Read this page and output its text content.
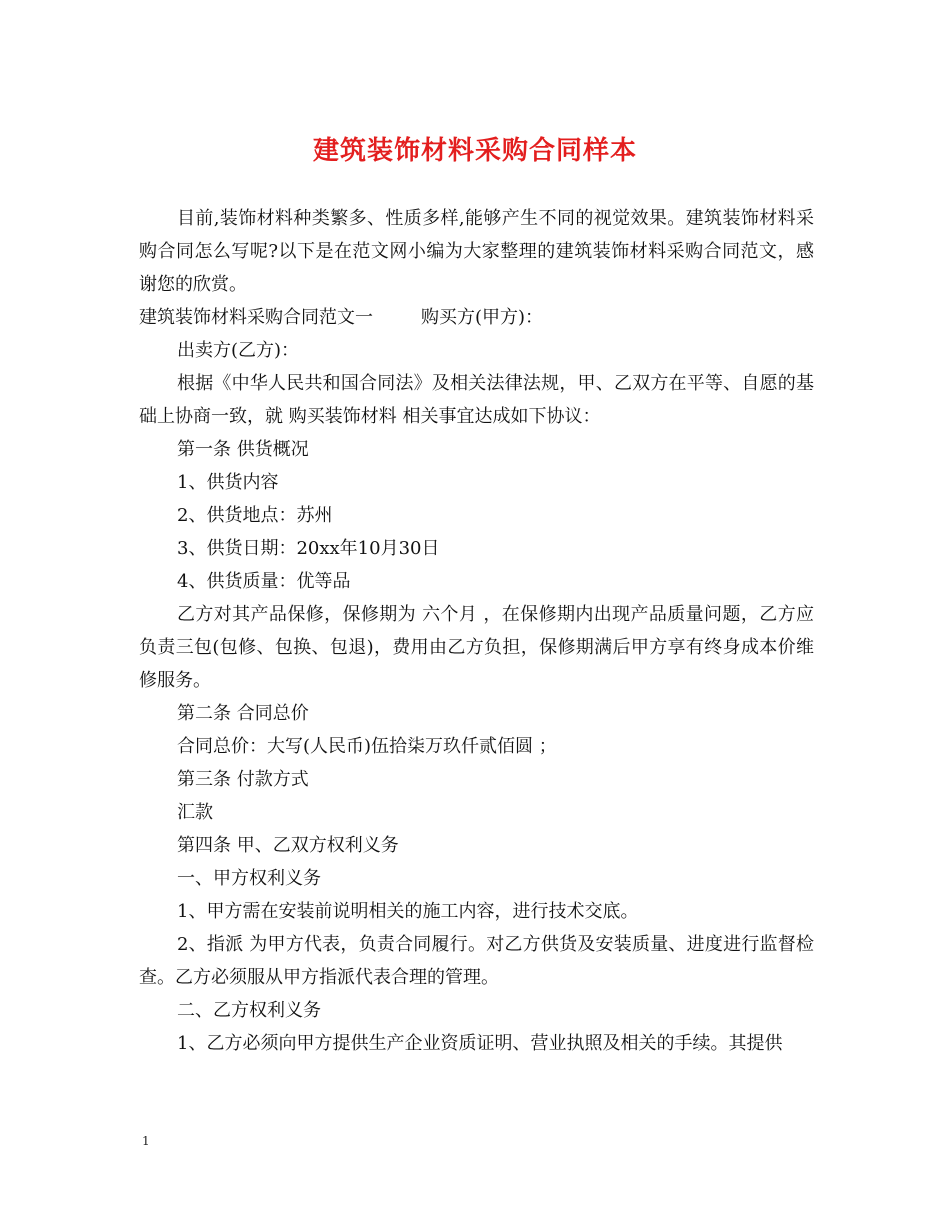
建筑装饰材料采购合同样本

目前,装饰材料种类繁多、性质多样,能够产生不同的视觉效果。建筑装饰材料采购合同怎么写呢?以下是在范文网小编为大家整理的建筑装饰材料采购合同范文，感谢您的欣赏。

建筑装饰材料采购合同范文一	购买方(甲方)：

出卖方(乙方)：

根据《中华人民共和国合同法》及相关法律法规，甲、乙双方在平等、自愿的基础上协商一致，就 购买装饰材料 相关事宜达成如下协议：

第一条 供货概况

1、供货内容

2、供货地点：苏州

3、供货日期：20xx年10月30日

4、供货质量：优等品

乙方对其产品保修，保修期为 六个月 ，在保修期内出现产品质量问题，乙方应负责三包(包修、包换、包退)，费用由乙方负担，保修期满后甲方享有终身成本价维修服务。

第二条 合同总价

合同总价：大写(人民币)伍拾柒万玖仟贰佰圆 ；

第三条 付款方式

汇款

第四条 甲、乙双方权利义务

一、甲方权利义务

1、甲方需在安装前说明相关的施工内容，进行技术交底。

2、指派 为甲方代表，负责合同履行。对乙方供货及安装质量、进度进行监督检查。乙方必须服从甲方指派代表合理的管理。

二、乙方权利义务

1、乙方必须向甲方提供生产企业资质证明、营业执照及相关的手续。其提供

1
